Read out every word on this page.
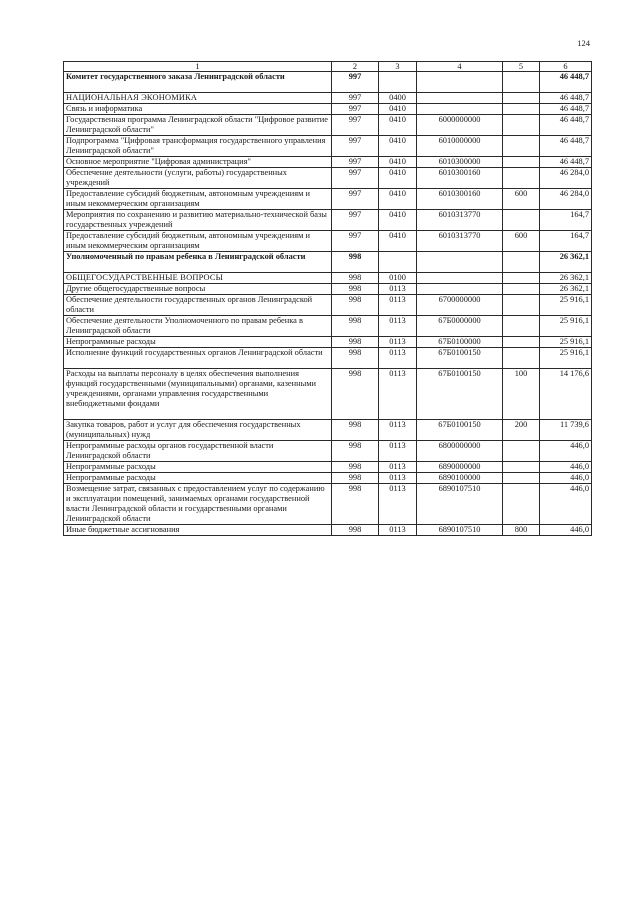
124
1	2	3	4	5	6
Комитет государственного заказа Ленинградской области	997				46 448,7
НАЦИОНАЛЬНАЯ ЭКОНОМИКА	997	0400			46 448,7
Связь и информатика	997	0410			46 448,7
Государственная программа Ленинградской области "Цифровое развитие Ленинградской области"	997	0410	6000000000		46 448,7
Подпрограмма "Цифровая трансформация государственного управления Ленинградской области"	997	0410	6010000000		46 448,7
Основное мероприятие "Цифровая администрация"	997	0410	6010300000		46 448,7
Обеспечение деятельности (услуги, работы) государственных учреждений	997	0410	6010300160		46 284,0
Предоставление субсидий бюджетным, автономным учреждениям и иным некоммерческим организациям	997	0410	6010300160	600	46 284,0
Мероприятия по сохранению и развитию материально-технической базы государственных учреждений	997	0410	6010313770		164,7
Предоставление субсидий бюджетным, автономным учреждениям и иным некоммерческим организациям	997	0410	6010313770	600	164,7
Уполномоченный по правам ребенка в Ленинградской области	998				26 362,1
ОБЩЕГОСУДАРСТВЕННЫЕ ВОПРОСЫ	998	0100			26 362,1
Другие общегосударственные вопросы	998	0113			26 362,1
Обеспечение деятельности государственных органов Ленинградской области	998	0113	6700000000		25 916,1
Обеспечение деятельности Уполномоченного по правам ребенка в Ленинградской области	998	0113	67Б0000000		25 916,1
Непрограммные расходы	998	0113	67Б0100000		25 916,1
Исполнение функций государственных органов Ленинградской области	998	0113	67Б0100150		25 916,1
Расходы на выплаты персоналу в целях обеспечения выполнения функций государственными (муниципальными) органами, казенными учреждениями, органами управления государственными внебюджетными фондами	998	0113	67Б0100150	100	14 176,6
Закупка товаров, работ и услуг для обеспечения государственных (муниципальных) нужд	998	0113	67Б0100150	200	11 739,6
Непрограммные расходы органов государственной власти Ленинградской области	998	0113	6800000000		446,0
Непрограммные расходы	998	0113	6890000000		446,0
Непрограммные расходы	998	0113	6890100000		446,0
Возмещение затрат, связанных с предоставлением услуг по содержанию и эксплуатации помещений, занимаемых органами государственной власти Ленинградской области и государственными органами Ленинградской области	998	0113	6890107510		446,0
Иные бюджетные ассигнования	998	0113	6890107510	800	446,0
